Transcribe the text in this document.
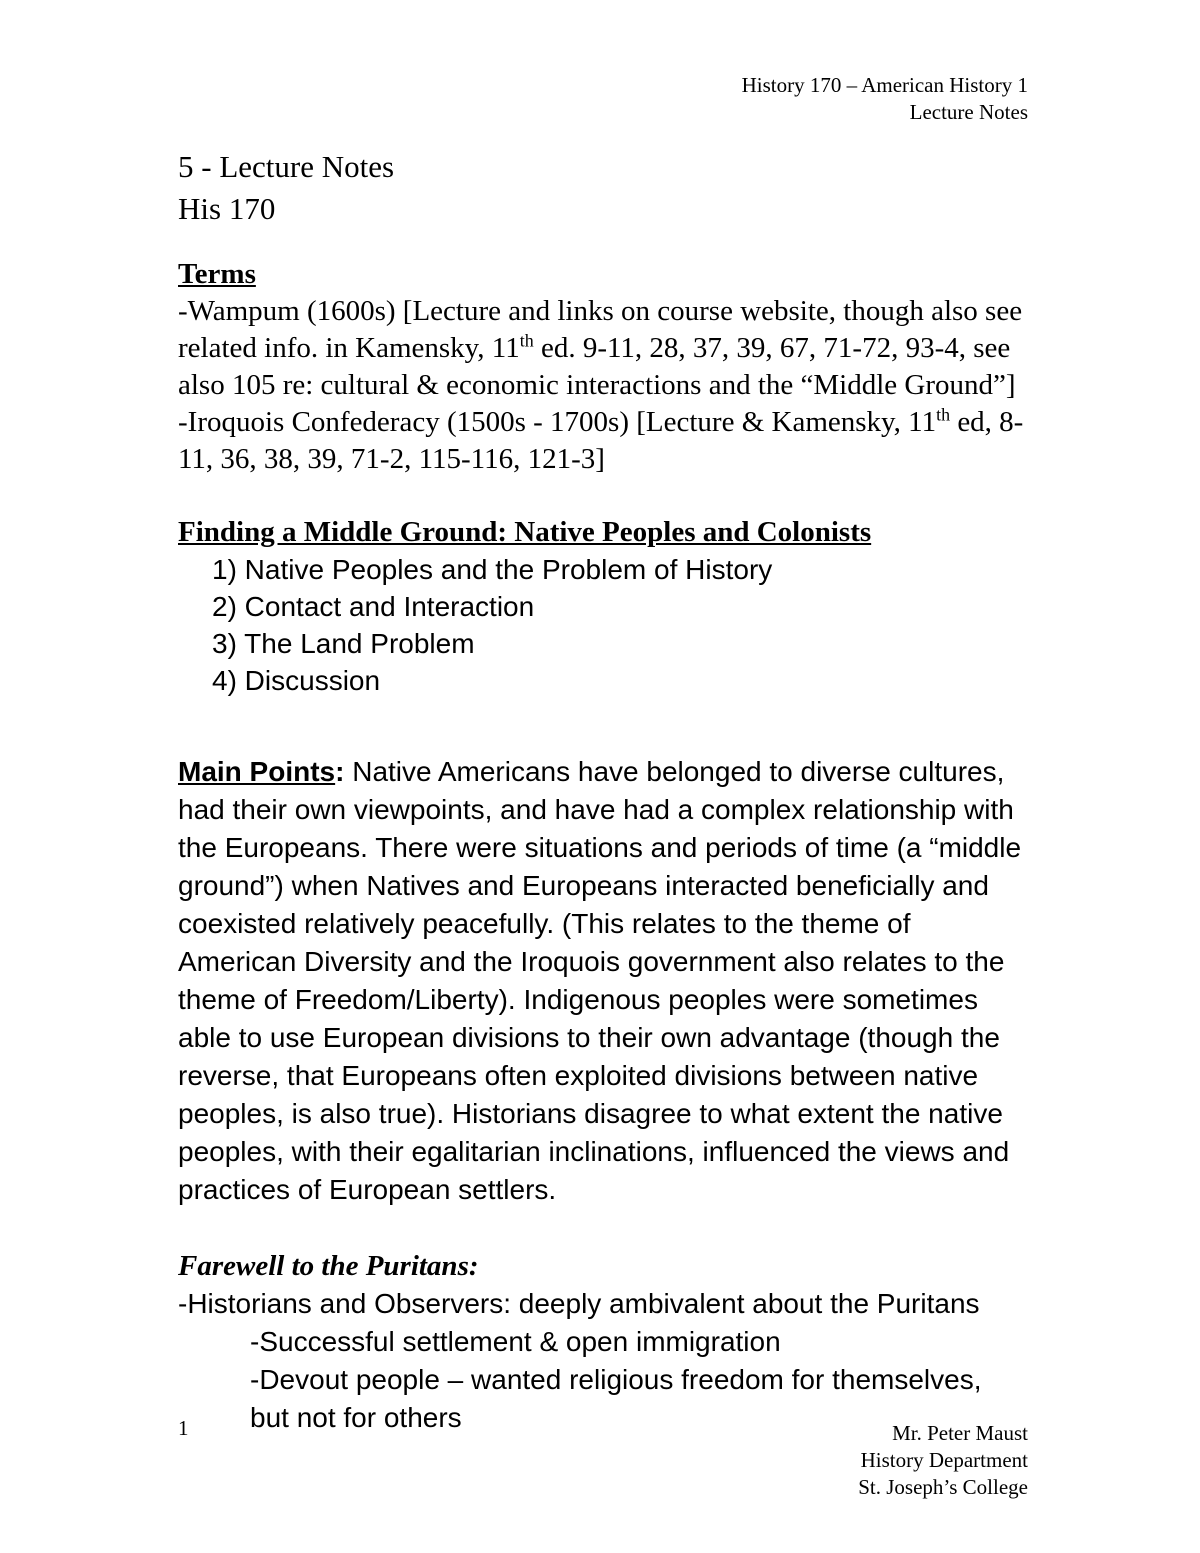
History 170 – American History 1
Lecture Notes
5 - Lecture Notes
His 170
Terms
-Wampum (1600s) [Lecture and links on course website, though also see related info. in Kamensky, 11th ed. 9-11, 28, 37, 39, 67, 71-72, 93-4, see also 105 re: cultural & economic interactions and the “Middle Ground”]
-Iroquois Confederacy (1500s - 1700s) [Lecture & Kamensky, 11th ed, 8-11, 36, 38, 39, 71-2, 115-116, 121-3]
Finding a Middle Ground: Native Peoples and Colonists
1) Native Peoples and the Problem of History
2) Contact and Interaction
3) The Land Problem
4) Discussion
Main Points: Native Americans have belonged to diverse cultures, had their own viewpoints, and have had a complex relationship with the Europeans. There were situations and periods of time (a “middle ground”) when Natives and Europeans interacted beneficially and coexisted relatively peacefully. (This relates to the theme of American Diversity and the Iroquois government also relates to the theme of Freedom/Liberty). Indigenous peoples were sometimes able to use European divisions to their own advantage (though the reverse, that Europeans often exploited divisions between native peoples, is also true). Historians disagree to what extent the native peoples, with their egalitarian inclinations, influenced the views and practices of European settlers.
Farewell to the Puritans:
-Historians and Observers: deeply ambivalent about the Puritans
-Successful settlement & open immigration
-Devout people – wanted religious freedom for themselves, but not for others
1	Mr. Peter Maust
History Department
St. Joseph’s College
